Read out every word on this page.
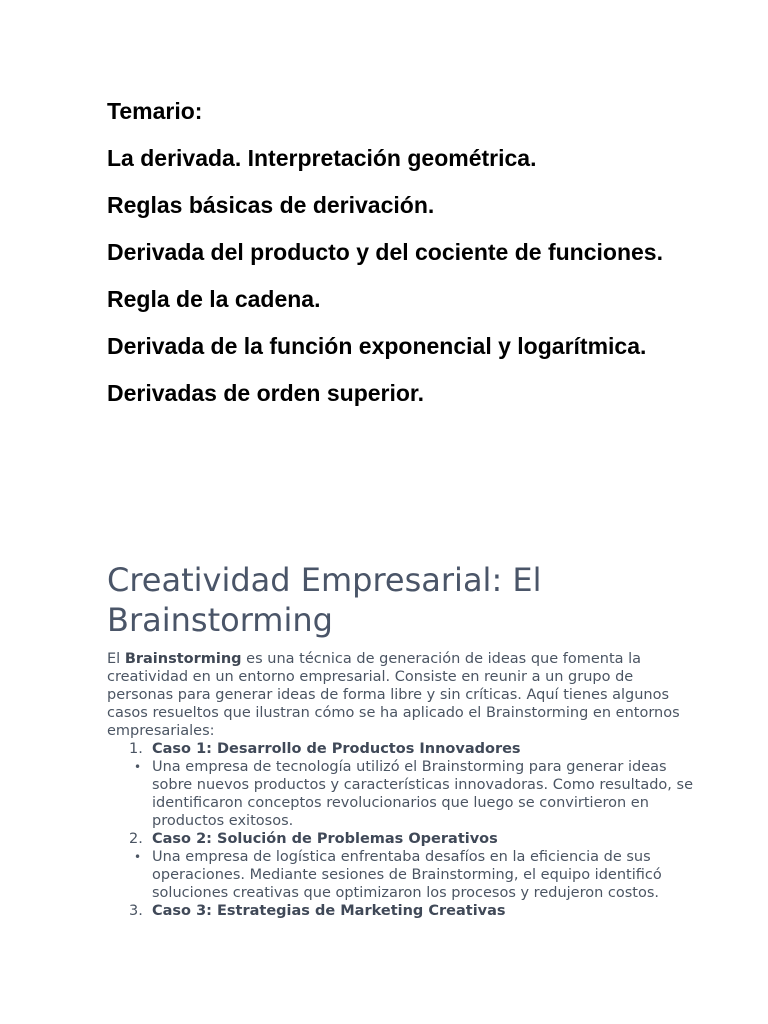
Temario:

La derivada. Interpretación geométrica.

Reglas básicas de derivación.

Derivada del producto y del cociente de funciones.

Regla de la cadena.

Derivada de la función exponencial y logarítmica.

Derivadas de orden superior.

Creatividad Empresarial: El Brainstorming

El Brainstorming es una técnica de generación de ideas que fomenta la creatividad en un entorno empresarial. Consiste en reunir a un grupo de personas para generar ideas de forma libre y sin críticas. Aquí tienes algunos casos resueltos que ilustran cómo se ha aplicado el Brainstorming en entornos empresariales:

1. Caso 1: Desarrollo de Productos Innovadores
• Una empresa de tecnología utilizó el Brainstorming para generar ideas sobre nuevos productos y características innovadoras. Como resultado, se identificaron conceptos revolucionarios que luego se convirtieron en productos exitosos.
2. Caso 2: Solución de Problemas Operativos
• Una empresa de logística enfrentaba desafíos en la eficiencia de sus operaciones. Mediante sesiones de Brainstorming, el equipo identificó soluciones creativas que optimizaron los procesos y redujeron costos.
3. Caso 3: Estrategias de Marketing Creativas
